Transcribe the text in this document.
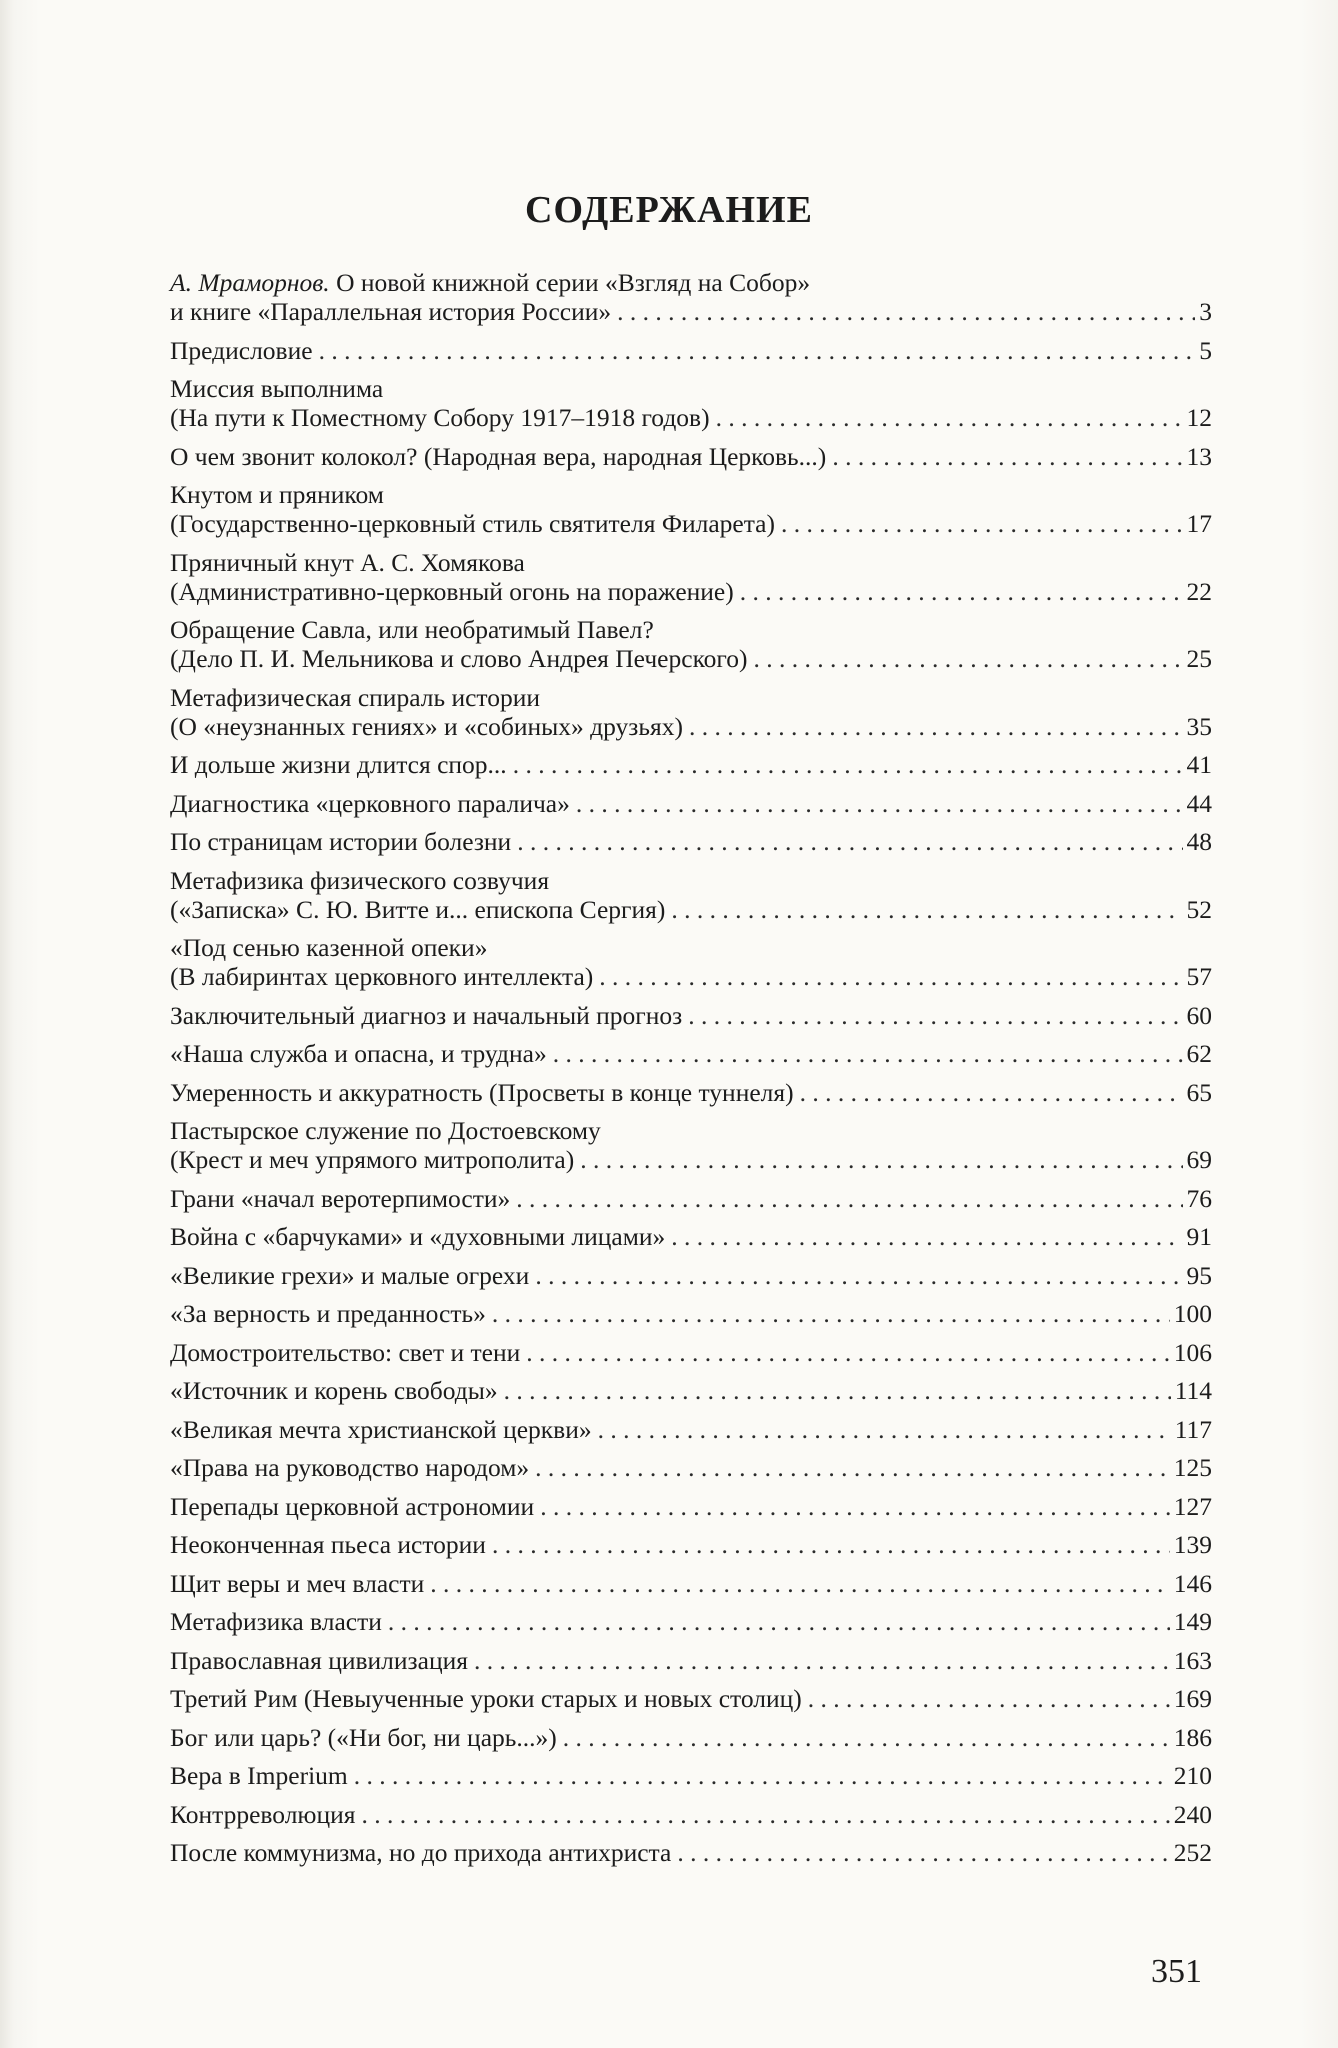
СОДЕРЖАНИЕ
А. Мраморнов. О новой книжной серии «Взгляд на Собор»
и книге «Параллельная история России» . . .	3
Предисловие . . .	5
Миссия выполнима
(На пути к Поместному Собору 1917–1918 годов) . . .	12
О чем звонит колокол? (Народная вера, народная Церковь...) . . .	13
Кнутом и пряником
(Государственно-церковный стиль святителя Филарета) . . .	17
Пряничный кнут А. С. Хомякова
(Административно-церковный огонь на поражение) . . .	22
Обращение Савла, или необратимый Павел?
(Дело П. И. Мельникова и слово Андрея Печерского) . . .	25
Метафизическая спираль истории
(О «неузнанных гениях» и «собиных» друзьях) . . .	35
И дольше жизни длится спор... . . .	41
Диагностика «церковного паралича» . . .	44
По страницам истории болезни . . .	48
Метафизика физического созвучия
(«Записка» С. Ю. Витте и... епископа Сергия) . . .	52
«Под сенью казенной опеки»
(В лабиринтах церковного интеллекта) . . .	57
Заключительный диагноз и начальный прогноз . . .	60
«Наша служба и опасна, и трудна» . . .	62
Умеренность и аккуратность (Просветы в конце туннеля) . . .	65
Пастырское служение по Достоевскому
(Крест и меч упрямого митрополита) . . .	69
Грани «начал веротерпимости» . . .	76
Война с «барчуками» и «духовными лицами» . . .	91
«Великие грехи» и малые огрехи . . .	95
«За верность и преданность» . . .	100
Домостроительство: свет и тени . . .	106
«Источник и корень свободы» . . .	114
«Великая мечта христианской церкви» . . .	117
«Права на руководство народом» . . .	125
Перепады церковной астрономии . . .	127
Неоконченная пьеса истории . . .	139
Щит веры и меч власти . . .	146
Метафизика власти . . .	149
Православная цивилизация . . .	163
Третий Рим (Невыученные уроки старых и новых столиц) . . .	169
Бог или царь? («Ни бог, ни царь...») . . .	186
Вера в Imperium . . .	210
Контрреволюция . . .	240
После коммунизма, но до прихода антихриста . . .	252
351
